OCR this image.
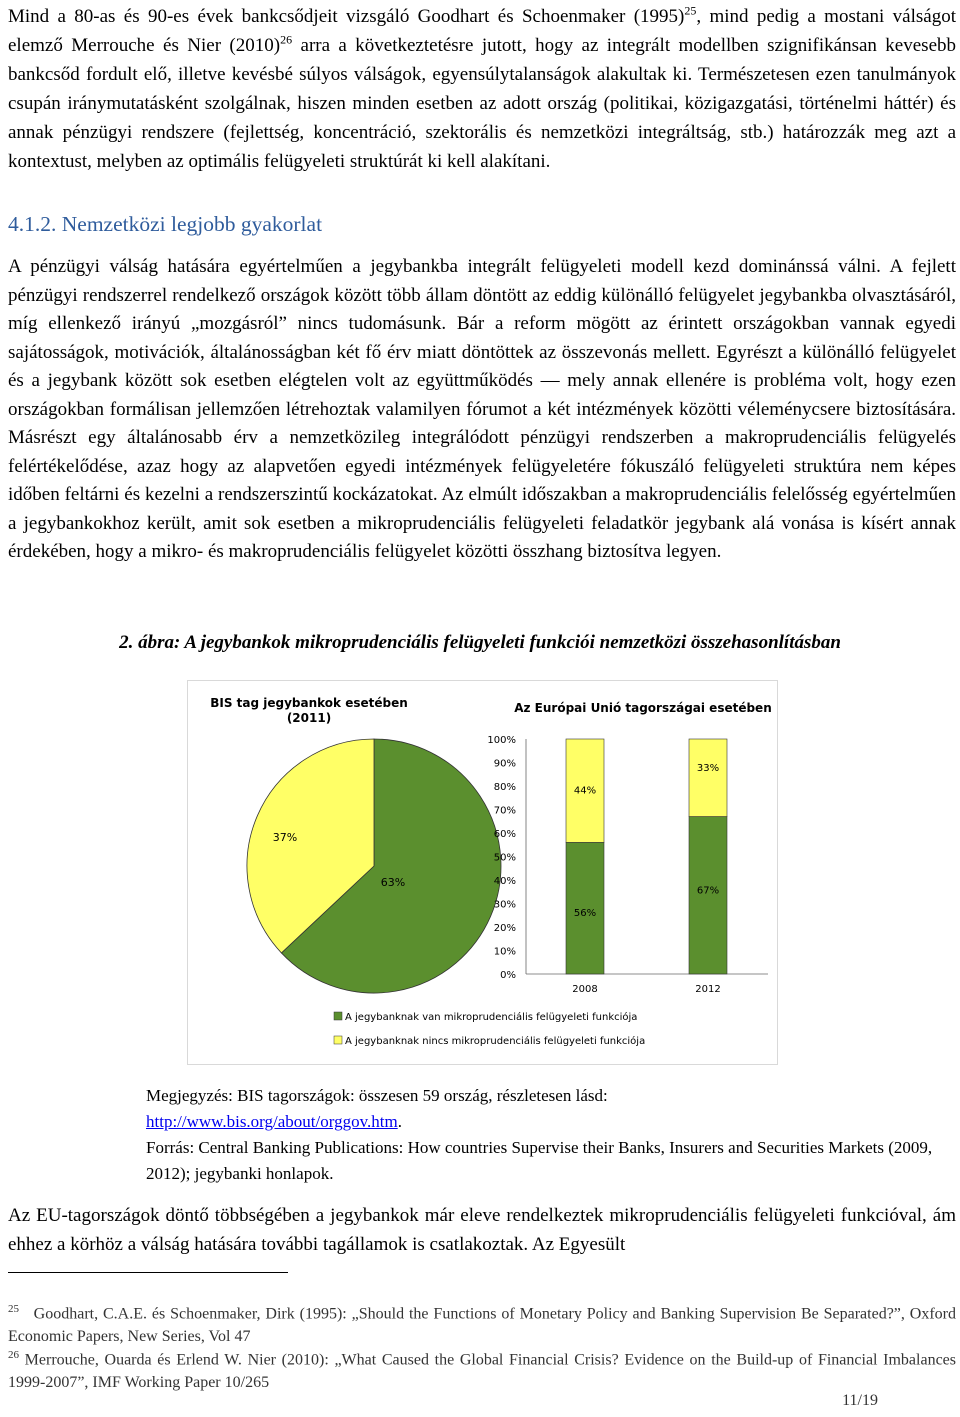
Mind a 80-as és 90-es évek bankcsődjeit vizsgáló Goodhart és Schoenmaker $(1995)^{25}$, mind pedig a mostani válságot elemző Merrouche és Nier $(2010)^{26}$ arra a következtetésre jutott, hogy az integrált modellben szignifikánsan kevesebb bankcsőd fordult elő, illetve kevésbé súlyos válságok, egyensúlytalanságok alakultak ki. Természetesen ezen tanulmányok csupán iránymutatásként szolgálnak, hiszen minden esetben az adott ország (politikai, közigazgatási, történelmi háttér) és annak pénzügyi rendszere (fejlettség, koncentráció, szektorális és nemzetközi integráltság, stb.) határozzák meg azt a kontextust, melyben az optimális felügyeleti struktúrát ki kell alakítani.

4.1.2. Nemzetközi legjobb gyakorlat

A pénzügyi válság hatására egyértelműen a jegybankba integrált felügyeleti modell kezd dominánssá válni. A fejlett pénzügyi rendszerrel rendelkező országok között több állam döntött az eddig különálló felügyelet jegybankba olvasztásáról, míg ellenkező irányú „mozgásról” nincs tudomásunk. Bár a reform mögött az érintett országokban vannak egyedi sajátosságok, motivációk, általánosságban két fő érv miatt döntöttek az összevonás mellett. Egyrészt a különálló felügyelet és a jegybank között sok esetben elégtelen volt az együttműködés — mely annak ellenére is probléma volt, hogy ezen országokban formálisan jellemzően létrehoztak valamilyen fórumot a két intézmények közötti véleménycsere biztosítására. Másrészt egy általánosabb érv a nemzetközileg integrálódott pénzügyi rendszerben a makroprudenciális felügyelés felértékelődése, azaz hogy az alapvetően egyedi intézmények felügyeletére fókuszáló felügyeleti struktúra nem képes időben feltárni és kezelni a rendszerszintű kockázatokat. Az elmúlt időszakban a makroprudenciális felelősség egyértelműen a jegybankokhoz került, amit sok esetben a mikroprudenciális felügyeleti feladatkör jegybank alá vonása is kísért annak érdekében, hogy a mikro- és makroprudenciális felügyelet közötti összhang biztosítva legyen.

2. ábra: A jegybankok mikroprudenciális felügyeleti funkciói nemzetközi összehasonlításban

BIS tag jegybankok esetében
(2011)
37%
63%
Az Európai Unió tagországai esetében
0%
10%
20%
30%
40%
50%
60%
70%
80%
90%
100%
56%
44%
2008
67%
33%
2012
A jegybanknak van mikroprudenciális felügyeleti funkciója
A jegybanknak nincs mikroprudenciális felügyeleti funkciója

Megjegyzés: BIS tagországok: összesen 59 ország, részletesen lásd:

http://www.bis.org/about/orggov.htm.

Forrás: Central Banking Publications: How countries Supervise their Banks, Insurers and Securities Markets (2009, 2012); jegybanki honlapok.

Az EU-tagországok döntő többségében a jegybankok már eleve rendelkeztek mikroprudenciális felügyeleti funkcióval, ám ehhez a körhöz a válság hatására további tagállamok is csatlakoztak. Az Egyesült

$^{25}$ Goodhart, C.A.E. és Schoenmaker, Dirk (1995): „Should the Functions of Monetary Policy and Banking Supervision Be Separated?”, Oxford Economic Papers, New Series, Vol 47

$^{26}$ Merrouche, Ouarda és Erlend W. Nier (2010): „What Caused the Global Financial Crisis? Evidence on the Build-up of Financial Imbalances 1999-2007”, IMF Working Paper 10/265

11/19
